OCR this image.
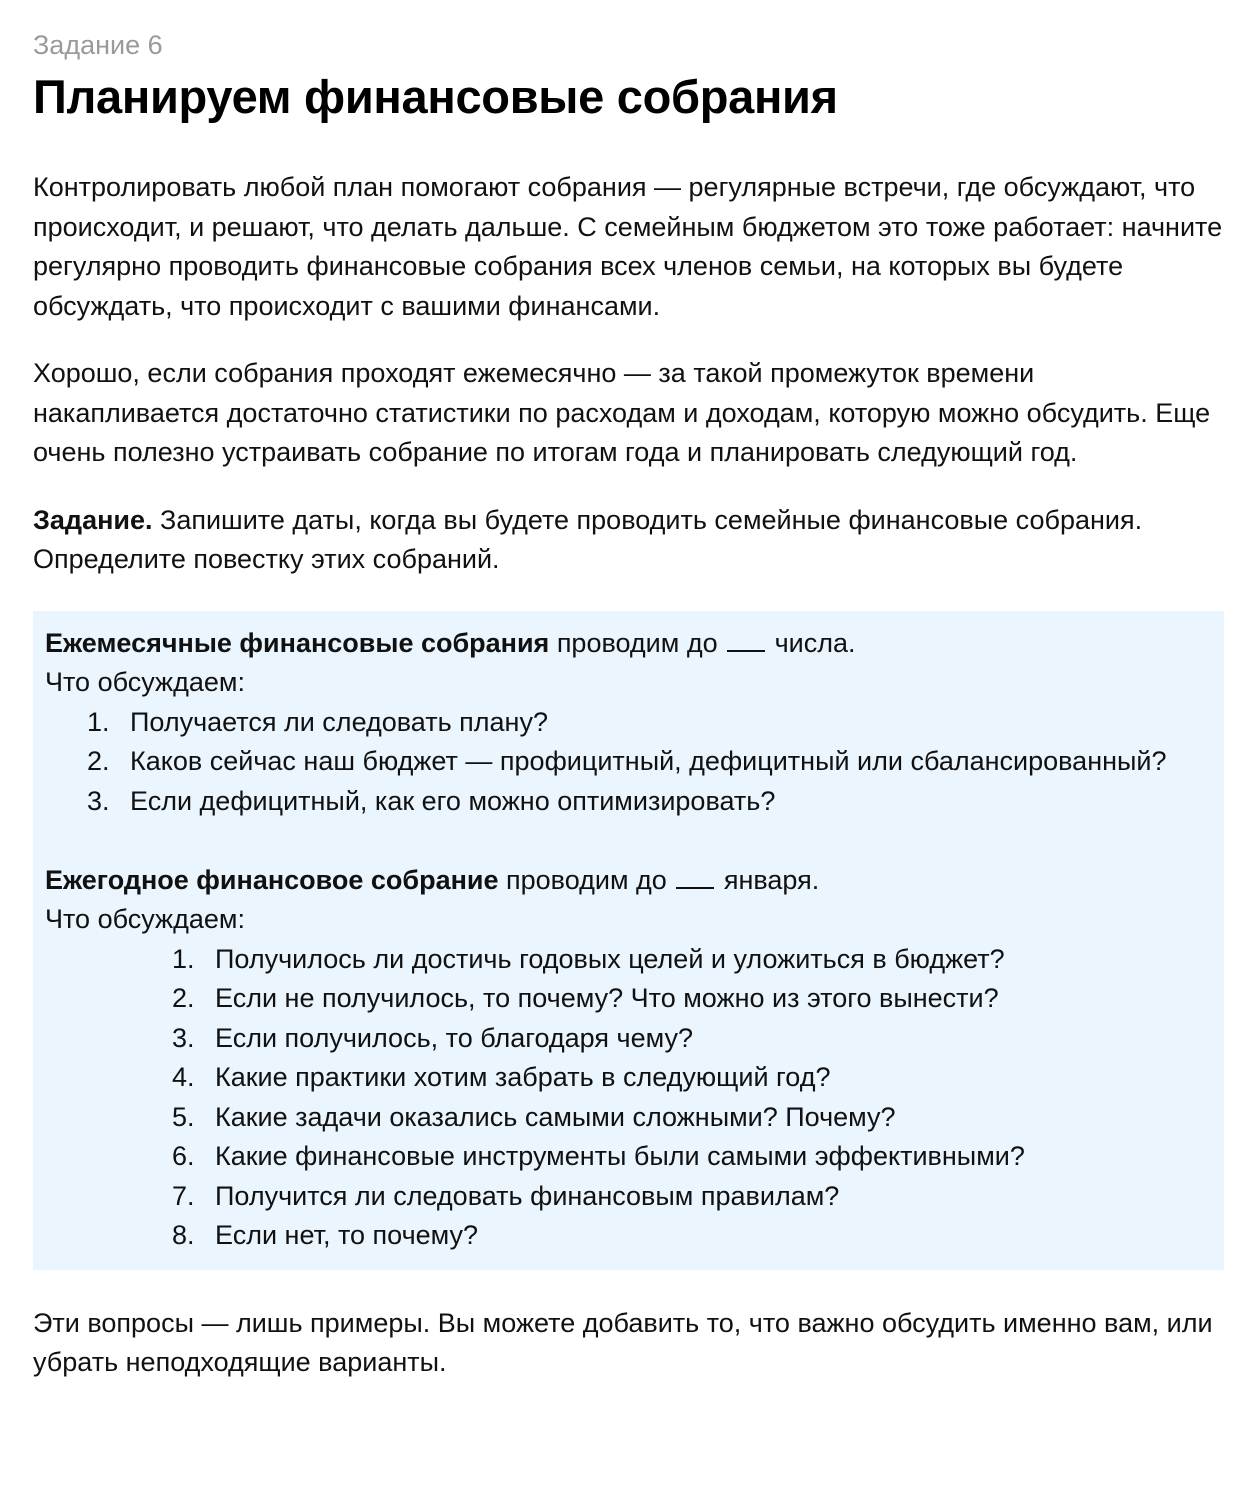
Задание 6

Планируем финансовые собрания

Контролировать любой план помогают собрания — регулярные встречи, где обсуждают, что происходит, и решают, что делать дальше. С семейным бюджетом это тоже работает: начните регулярно проводить финансовые собрания всех членов семьи, на которых вы будете обсуждать, что происходит с вашими финансами.

Хорошо, если собрания проходят ежемесячно — за такой промежуток времени накапливается достаточно статистики по расходам и доходам, которую можно обсудить. Еще очень полезно устраивать собрание по итогам года и планировать следующий год.

Задание. Запишите даты, когда вы будете проводить семейные финансовые собрания. Определите повестку этих собраний.

Ежемесячные финансовые собрания проводим до  числа.

Что обсуждаем:

1. Получается ли следовать плану?
2. Каков сейчас наш бюджет — профицитный, дефицитный или сбалансированный?
3. Если дефицитный, как его можно оптимизировать?

Ежегодное финансовое собрание проводим до  января.

Что обсуждаем:

1. Получилось ли достичь годовых целей и уложиться в бюджет?
2. Если не получилось, то почему? Что можно из этого вынести?
3. Если получилось, то благодаря чему?
4. Какие практики хотим забрать в следующий год?
5. Какие задачи оказались самыми сложными? Почему?
6. Какие финансовые инструменты были самыми эффективными?
7. Получится ли следовать финансовым правилам?
8. Если нет, то почему?

Эти вопросы — лишь примеры. Вы можете добавить то, что важно обсудить именно вам, или убрать неподходящие варианты.
